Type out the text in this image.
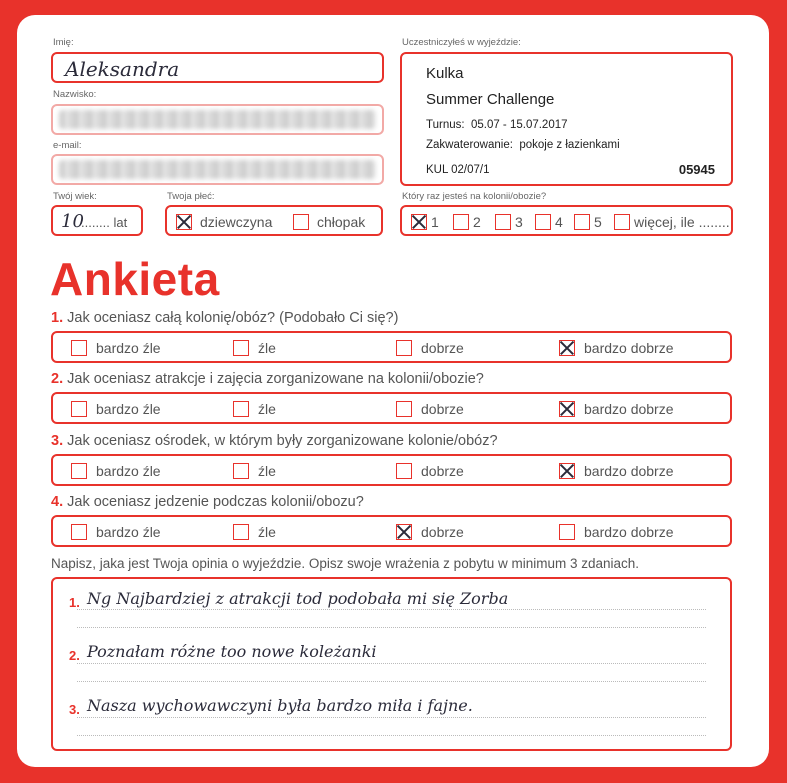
Imię:
Aleksandra
Nazwisko:
e-mail:
Twój wiek:
10
........ lat
Twoja płeć:
dziewczyna	chłopak
Uczestniczyłeś w wyjeździe:
Kulka
Summer Challenge
Turnus: 05.07 - 15.07.2017
Zakwaterowanie: pokoje z łazienkami
KUL 02/07/1	05945
Który raz jesteś na kolonii/obozie?
1 2 3 4 5 więcej, ile ........
Ankieta
1. Jak oceniasz całą kolonię/obóz? (Podobało Ci się?)
bardzo źle	źle	dobrze	bardzo dobrze
2. Jak oceniasz atrakcje i zajęcia zorganizowane na kolonii/obozie?
bardzo źle	źle	dobrze	bardzo dobrze
3. Jak oceniasz ośrodek, w którym były zorganizowane kolonie/obóz?
bardzo źle	źle	dobrze	bardzo dobrze
4. Jak oceniasz jedzenie podczas kolonii/obozu?
bardzo źle	źle	dobrze	bardzo dobrze
Napisz, jaka jest Twoja opinia o wyjeździe. Opisz swoje wrażenia z pobytu w minimum 3 zdaniach.
1. Ng Najbardziej z atrakcji tod podobała mi się Zorba
2. Poznałam różne too nowe koleżanki
3. Nasza wychowawczyni była bardzo miła i fajne.
